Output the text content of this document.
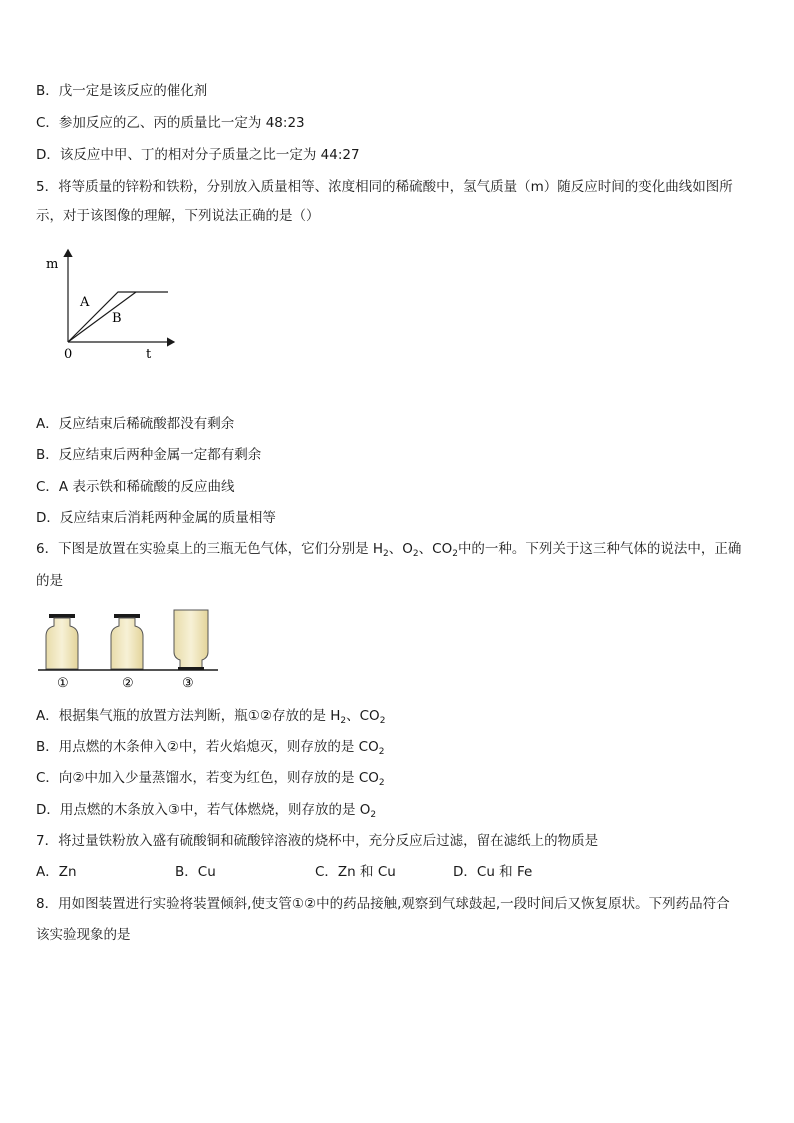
B．戊一定是该反应的催化剂
C．参加反应的乙、丙的质量比一定为 48:23
D．该反应中甲、丁的相对分子质量之比一定为 44:27
5．将等质量的锌粉和铁粉，分别放入质量相等、浓度相同的稀硫酸中，氢气质量（m）随反应时间的变化曲线如图所
示，对于该图像的理解，下列说法正确的是（）
m
t
0
A
B
A．反应结束后稀硫酸都没有剩余
B．反应结束后两种金属一定都有剩余
C．A 表示铁和稀硫酸的反应曲线
D．反应结束后消耗两种金属的质量相等
6．下图是放置在实验桌上的三瓶无色气体，它们分别是 $H_2$、$O_2$、$CO_2$中的一种。下列关于这三种气体的说法中，正确
的是
①	②	③
A．根据集气瓶的放置方法判断，瓶①②存放的是 $H_2$、$CO_2$
B．用点燃的木条伸入②中，若火焰熄灭，则存放的是 $CO_2$
C．向②中加入少量蒸馏水，若变为红色，则存放的是 $CO_2$
D．用点燃的木条放入③中，若气体燃烧，则存放的是 $O_2$
7．将过量铁粉放入盛有硫酸铜和硫酸锌溶液的烧杯中，充分反应后过滤，留在滤纸上的物质是
A．Zn	B．Cu	C．Zn 和 Cu	D．Cu 和 Fe
8．用如图装置进行实验将装置倾斜,使支管①②中的药品接触,观察到气球鼓起,一段时间后又恢复原状。下列药品符合
该实验现象的是
